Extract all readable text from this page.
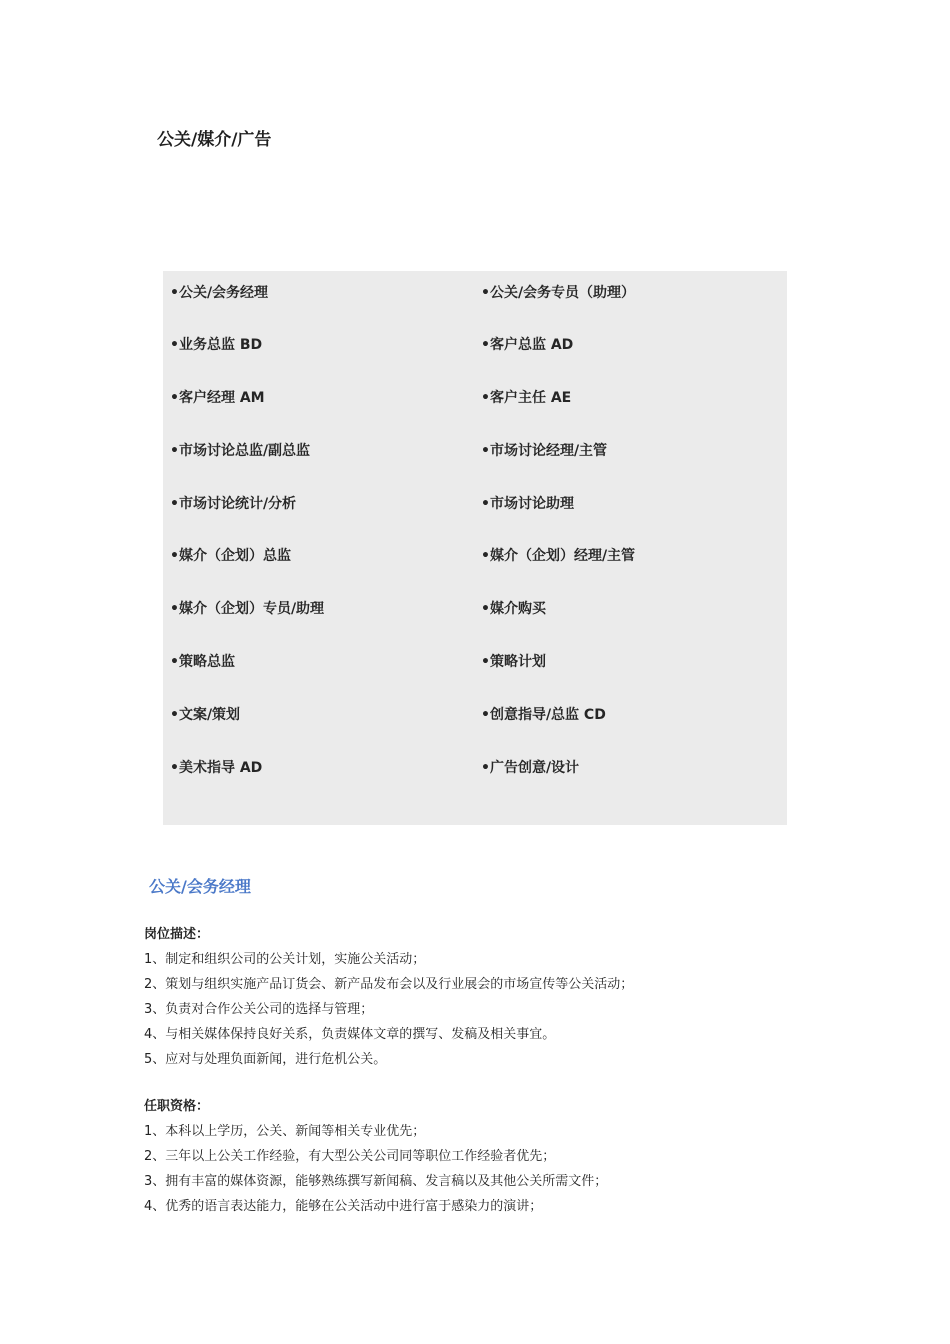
公关/媒介/广告
•公关/会务经理
•业务总监 BD
•客户经理 AM
•市场讨论总监/副总监
•市场讨论统计/分析
•媒介（企划）总监
•媒介（企划）专员/助理
•策略总监
•文案/策划
•美术指导 AD
•公关/会务专员（助理）
•客户总监 AD
•客户主任 AE
•市场讨论经理/主管
•市场讨论助理
•媒介（企划）经理/主管
•媒介购买
•策略计划
•创意指导/总监 CD
•广告创意/设计
公关/会务经理
岗位描述：
1、制定和组织公司的公关计划，实施公关活动；
2、策划与组织实施产品订货会、新产品发布会以及行业展会的市场宣传等公关活动；
3、负责对合作公关公司的选择与管理；
4、与相关媒体保持良好关系，负责媒体文章的撰写、发稿及相关事宜。
5、应对与处理负面新闻，进行危机公关。
任职资格：
1、本科以上学历，公关、新闻等相关专业优先；
2、三年以上公关工作经验，有大型公关公司同等职位工作经验者优先；
3、拥有丰富的媒体资源，能够熟练撰写新闻稿、发言稿以及其他公关所需文件；
4、优秀的语言表达能力，能够在公关活动中进行富于感染力的演讲；
